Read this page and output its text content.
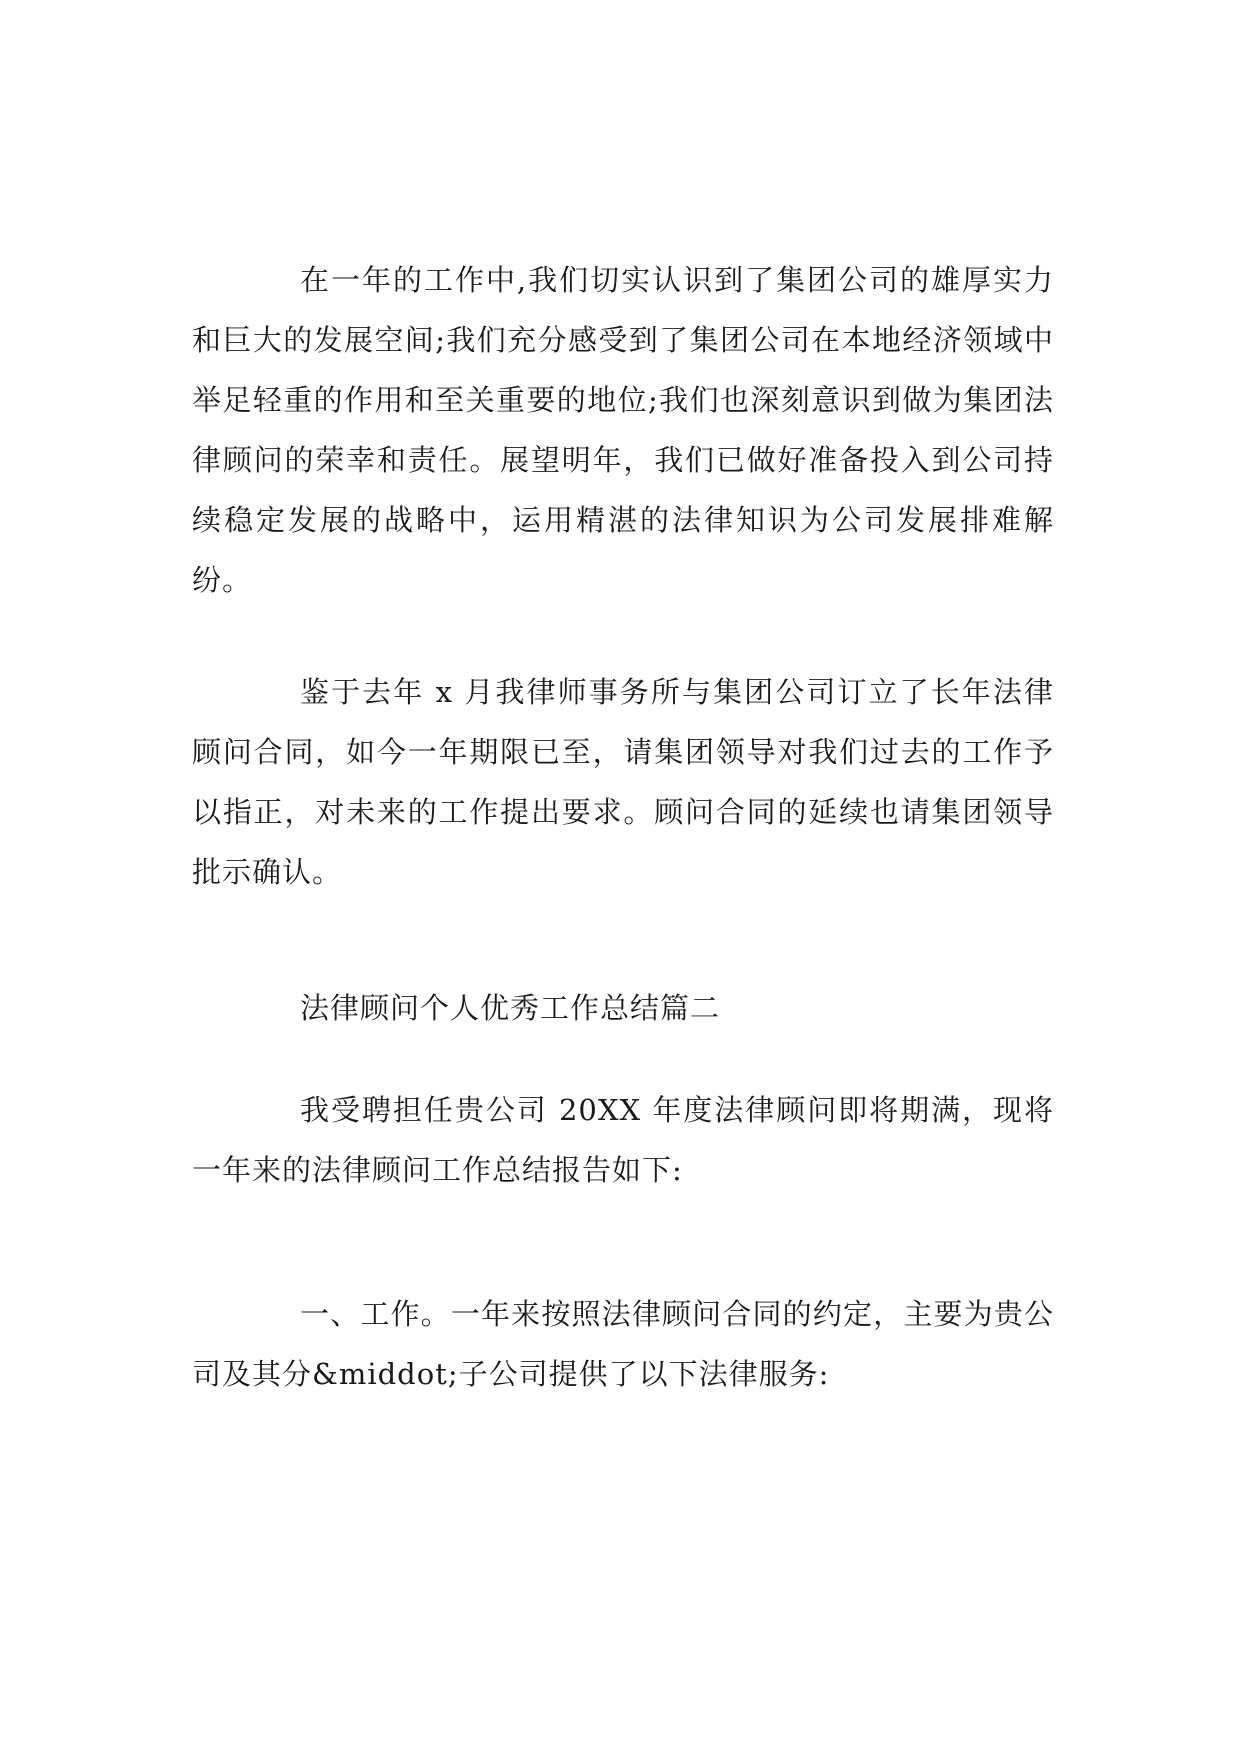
在一年的工作中,我们切实认识到了集团公司的雄厚实力和巨大的发展空间;我们充分感受到了集团公司在本地经济领域中举足轻重的作用和至关重要的地位;我们也深刻意识到做为集团法律顾问的荣幸和责任。展望明年，我们已做好准备投入到公司持续稳定发展的战略中，运用精湛的法律知识为公司发展排难解纷。

鉴于去年 x 月我律师事务所与集团公司订立了长年法律顾问合同，如今一年期限已至，请集团领导对我们过去的工作予以指正，对未来的工作提出要求。顾问合同的延续也请集团领导批示确认。

法律顾问个人优秀工作总结篇二

我受聘担任贵公司 20XX 年度法律顾问即将期满，现将一年来的法律顾问工作总结报告如下:

一、工作。一年来按照法律顾问合同的约定，主要为贵公司及其分&middot;子公司提供了以下法律服务:
